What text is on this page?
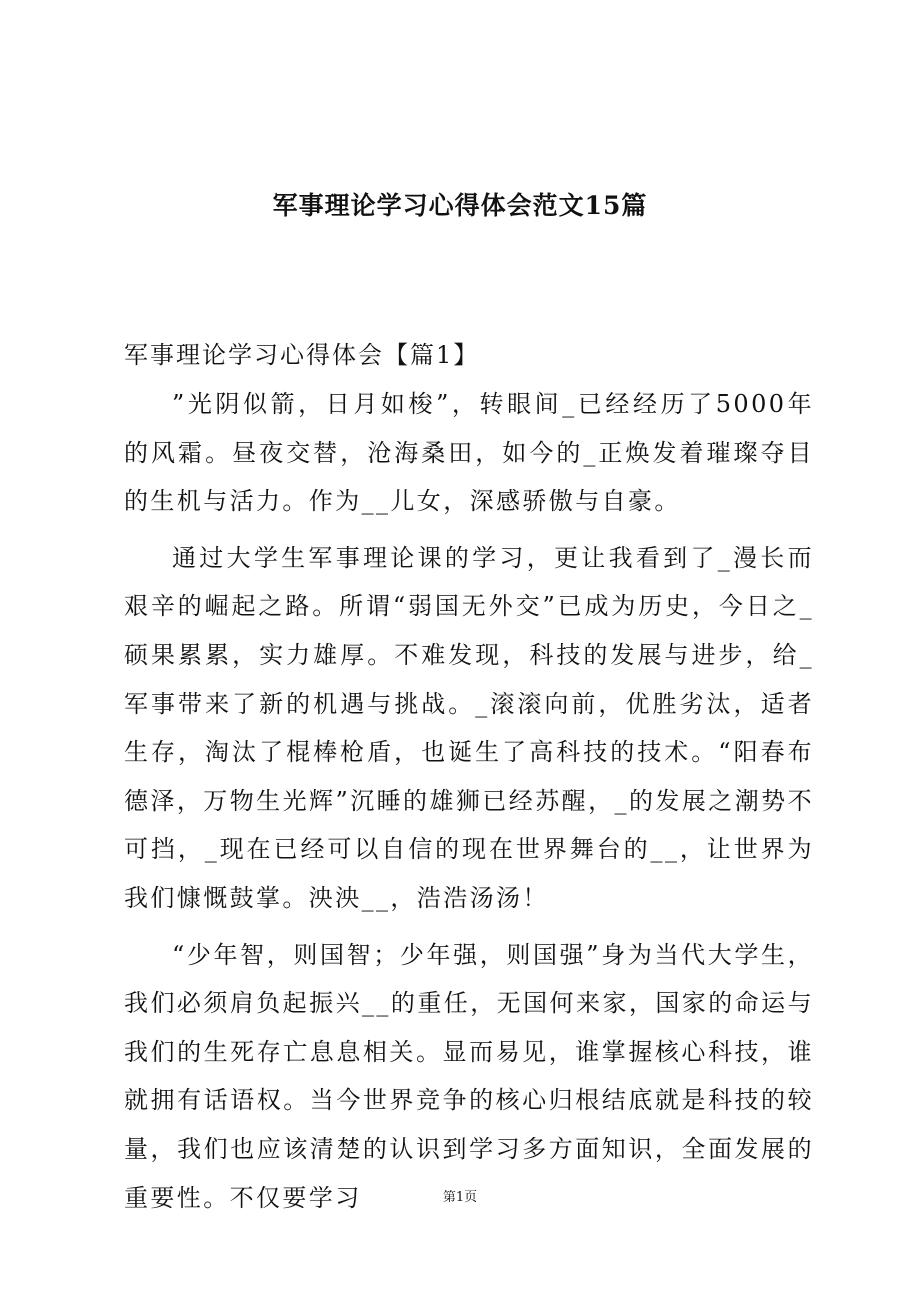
军事理论学习心得体会范文15篇
军事理论学习心得体会【篇1】

”光阴似箭，日月如梭”，转眼间_已经经历了5000年的风霜。昼夜交替，沧海桑田，如今的_正焕发着璀璨夺目的生机与活力。作为__儿女，深感骄傲与自豪。

通过大学生军事理论课的学习，更让我看到了_漫长而艰辛的崛起之路。所谓“弱国无外交”已成为历史，今日之_硕果累累，实力雄厚。不难发现，科技的发展与进步，给_军事带来了新的机遇与挑战。_滚滚向前，优胜劣汰，适者生存，淘汰了棍棒枪盾，也诞生了高科技的技术。“阳春布德泽，万物生光辉”沉睡的雄狮已经苏醒，_的发展之潮势不可挡，_现在已经可以自信的现在世界舞台的__，让世界为我们慷慨鼓掌。泱泱__，浩浩汤汤！

“少年智，则国智；少年强，则国强”身为当代大学生，我们必须肩负起振兴__的重任，无国何来家，国家的命运与我们的生死存亡息息相关。显而易见，谁掌握核心科技，谁就拥有话语权。当今世界竞争的核心归根结底就是科技的较量，我们也应该清楚的认识到学习多方面知识，全面发展的重要性。不仅要学习	第1页
